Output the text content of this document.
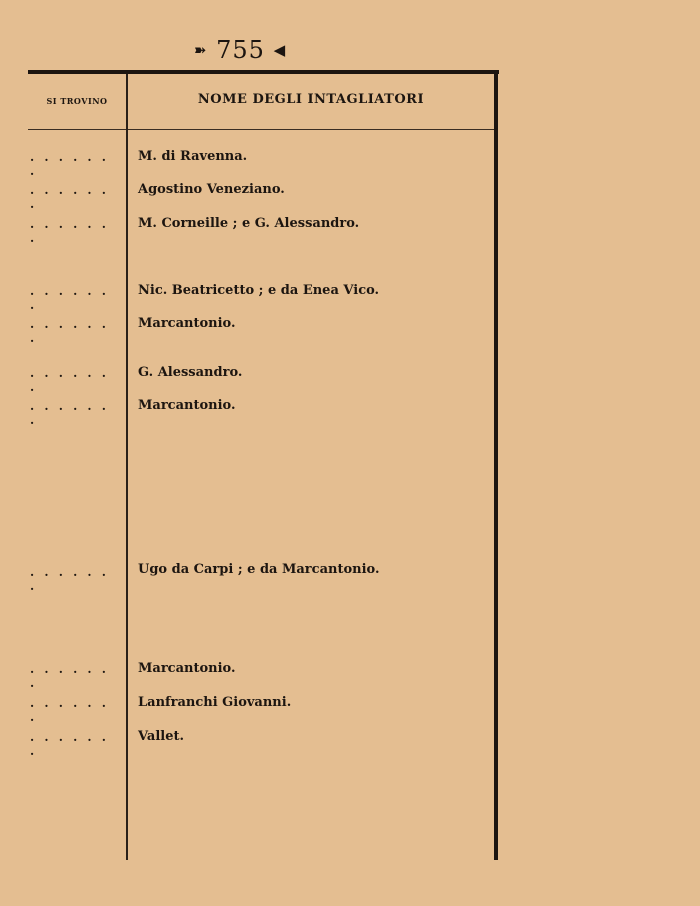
➽ 755 ◀
SI TROVINO	NOME DEGLI INTAGLIATORI
. . . . . . .
M. di Ravenna.
. . . . . . .
Agostino Veneziano.
. . . . . . .
M. Corneille ; e G. Alessandro.
. . . . . . .
Nic. Beatricetto ; e da Enea Vico.
. . . . . . .
Marcantonio.
. . . . . . .
G. Alessandro.
. . . . . . .
Marcantonio.
. . . . . . .
Ugo da Carpi ; e da Marcantonio.
. . . . . . .
Marcantonio.
. . . . . . .
Lanfranchi Giovanni.
. . . . . . .
Vallet.
